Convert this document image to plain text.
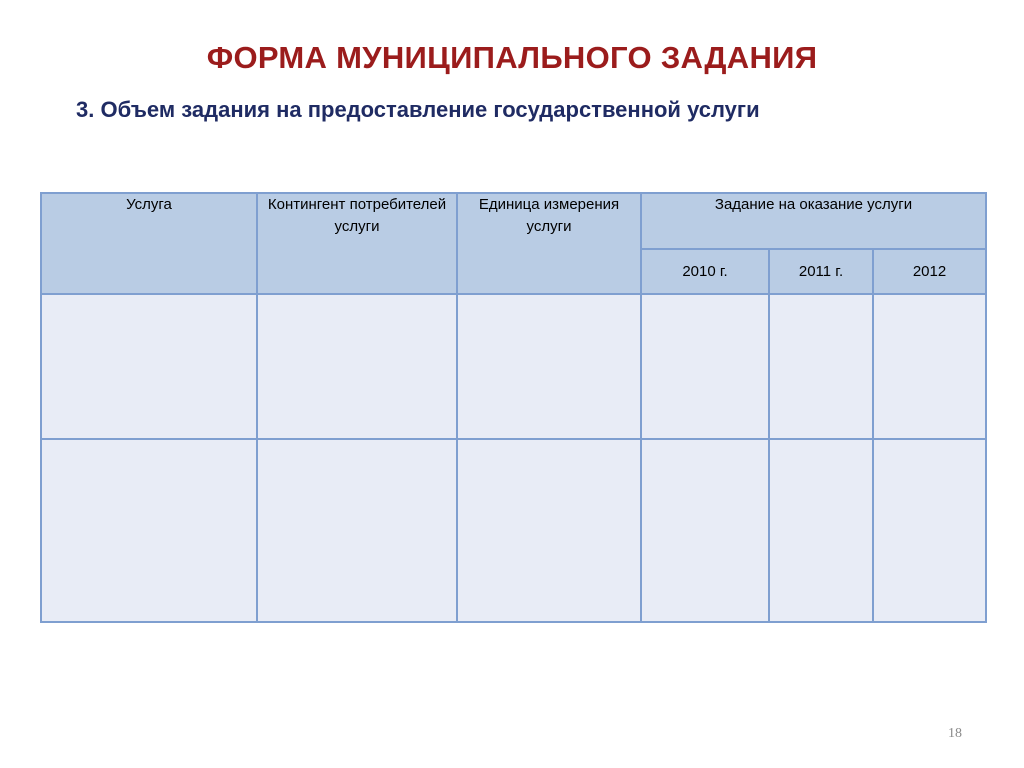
ФОРМА МУНИЦИПАЛЬНОГО ЗАДАНИЯ
3. Объем задания на предоставление государственной услуги
Услуга	Контингент потребителей услуги	Единица измерения услуги	Задание на оказание услуги		
			2010 г.	2011 г.	2012

18
